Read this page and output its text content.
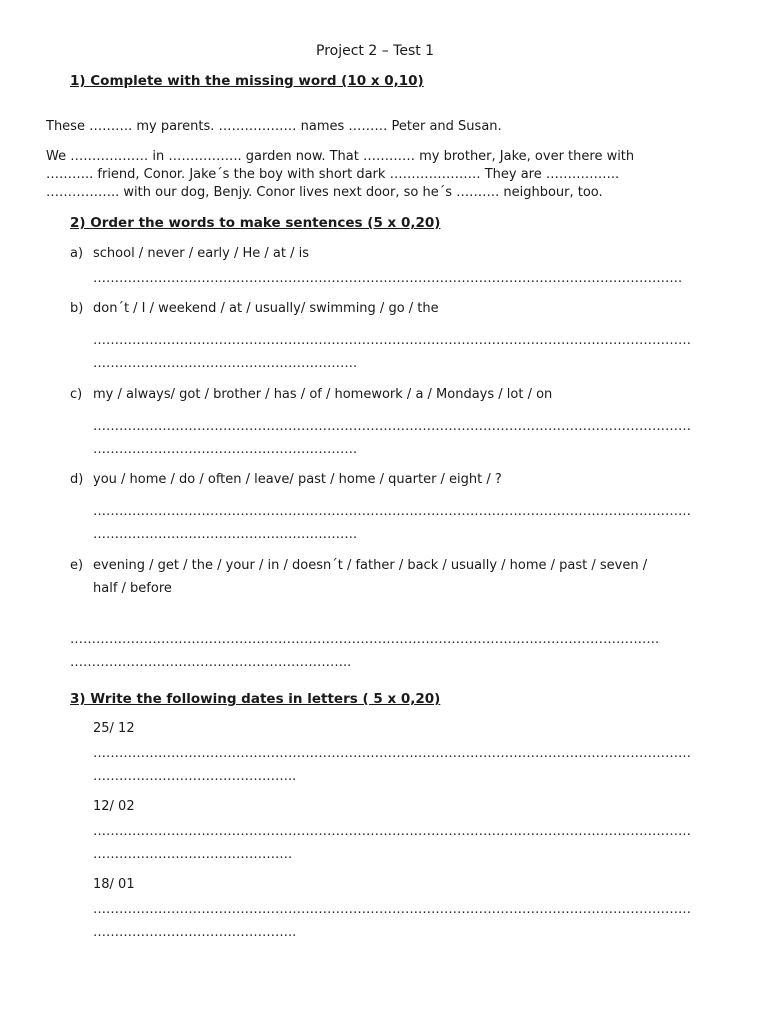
Project 2 – Test 1
1) Complete with the missing word (10 x 0,10)
These ………. my parents. ……………… names ……… Peter and Susan.
We ……………… in …………….. garden now. That ………… my brother, Jake, over there with
……….. friend, Conor. Jake´s the boy with short dark ………………… They are ……………..
…………….. with our dog, Benjy. Conor lives next door, so he´s ………. neighbour, too.
2) Order the words to make sentences (5 x 0,20)
a) school / never / early / He / at / is
……………………………………………………………………………………………………………………….
b) don´t / I / weekend / at / usually/ swimming / go / the
…………………………………………………………………………………………………………………………
…………………………………………………….
c) my / always/ got / brother / has / of / homework / a / Mondays / lot / on
…………………………………………………………………………………………………………………………
…………………………………………………….
d) you / home / do / often / leave/ past / home / quarter / eight / ?
…………………………………………………………………………………………………………………………
…………………………………………………….
e) evening / get / the / your / in / doesn´t / father / back / usually / home / past / seven /
half / before
……………………………………………………………………………………………………………………….
………………………………………………………..
3) Write the following dates in letters ( 5 x 0,20)
25/ 12
…………………………………………………………………………………………………………………………
………………………………………..
12/ 02
…………………………………………………………………………………………………………………………
……………………………………….
18/ 01
…………………………………………………………………………………………………………………………
………………………………………..
